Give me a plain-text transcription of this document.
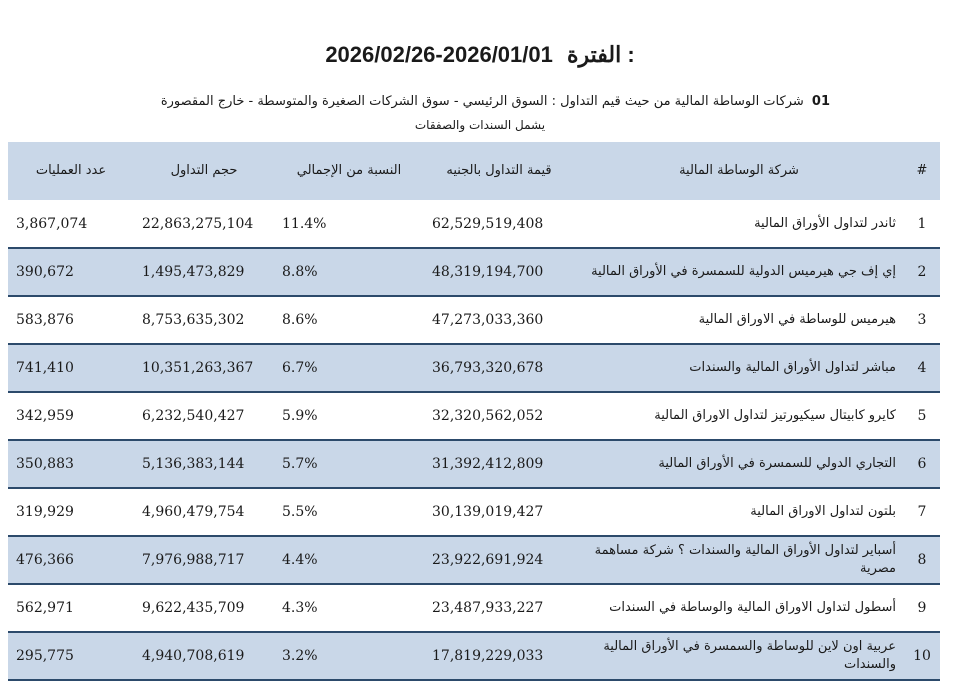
2026/02/26-2026/01/01 الفترة :
01 شركات الوساطة المالية من حيث قيم التداول : السوق الرئيسي - سوق الشركات الصغيرة والمتوسطة - خارج المقصورة
يشمل السندات والصفقات
#	شركة الوساطة المالية	قيمة التداول بالجنيه	النسبة من الإجمالي	حجم التداول	عدد العمليات
1	ثاندر لتداول الأوراق المالية	62,529,519,408	11.4%	22,863,275,104	3,867,074
2	إي إف جي هيرميس الدولية للسمسرة في الأوراق المالية	48,319,194,700	8.8%	1,495,473,829	390,672
3	هيرميس للوساطة في الاوراق المالية	47,273,033,360	8.6%	8,753,635,302	583,876
4	مباشر لتداول الأوراق المالية والسندات	36,793,320,678	6.7%	10,351,263,367	741,410
5	كايرو كابيتال سيكيورتيز لتداول الاوراق المالية	32,320,562,052	5.9%	6,232,540,427	342,959
6	التجاري الدولي للسمسرة في الأوراق المالية	31,392,412,809	5.7%	5,136,383,144	350,883
7	بلتون لتداول الاوراق المالية	30,139,019,427	5.5%	4,960,479,754	319,929
8	أسباير لتداول الأوراق المالية والسندات ؟ شركة مساهمة مصرية	23,922,691,924	4.4%	7,976,988,717	476,366
9	أسطول لتداول الاوراق المالية والوساطة في السندات	23,487,933,227	4.3%	9,622,435,709	562,971
10	عربية اون لاين للوساطة والسمسرة في الأوراق المالية والسندات	17,819,229,033	3.2%	4,940,708,619	295,775
